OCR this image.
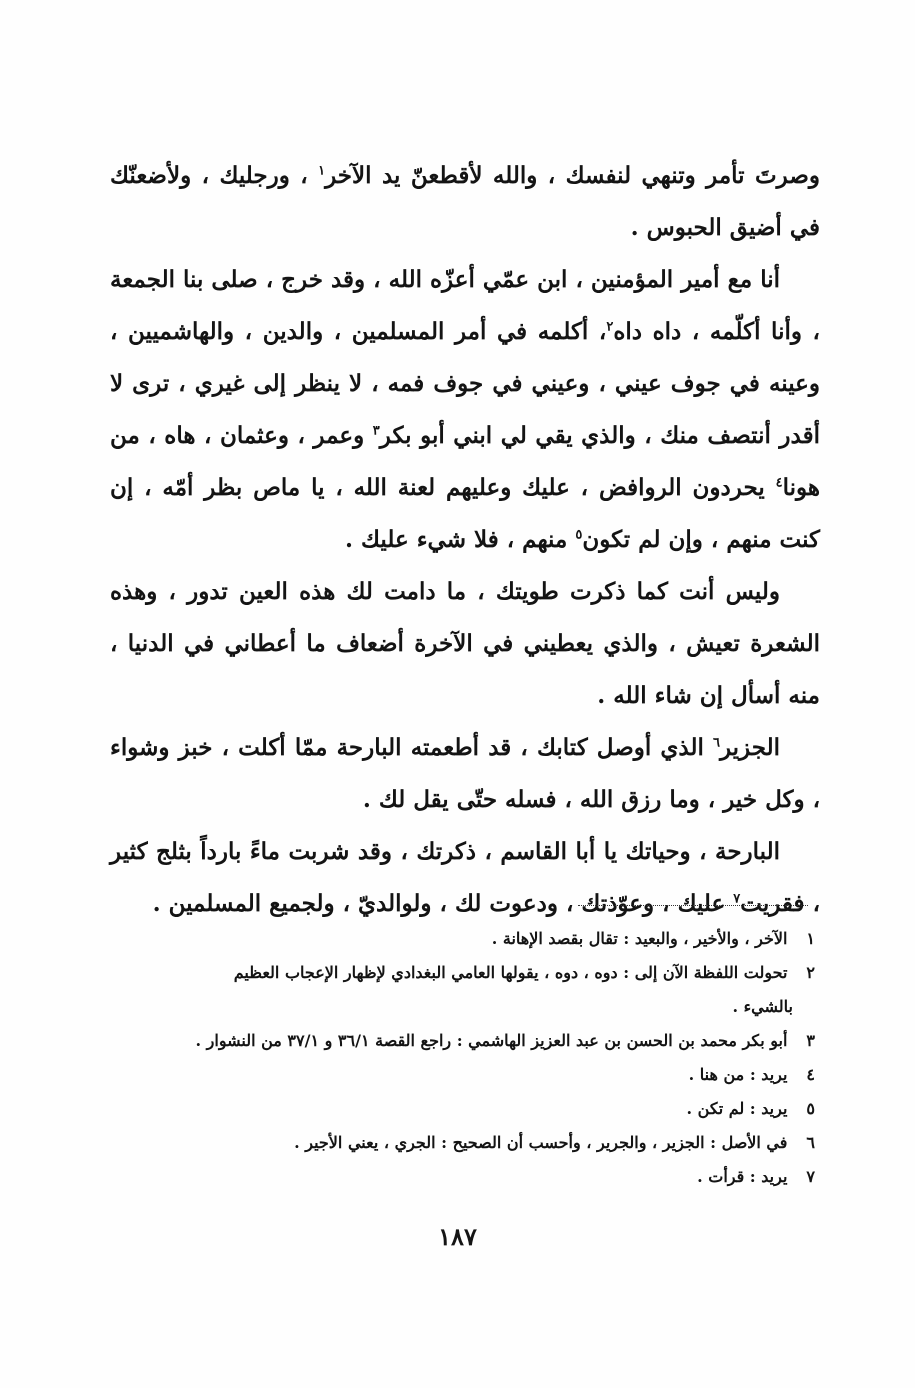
وصرتَ تأمر وتنهي لنفسك ، والله لأقطعنّ يد الآخر$^١$ ، ورجليك ، ولأضعنّك في أضيق الحبوس .

أنا مع أمير المؤمنين ، ابن عمّي أعزّه الله ، وقد خرج ، صلى بنا الجمعة ، وأنا أكلّمه ، داه داه$^٢$، أكلمه في أمر المسلمين ، والدين ، والهاشميين ، وعينه في جوف عيني ، وعيني في جوف فمه ، لا ينظر إلى غيري ، ترى لا أقدر أنتصف منك ، والذي يقي لي ابني أبو بكر$^٣$ وعمر ، وعثمان ، هاه ، من هونا$^٤$ يحردون الروافض ، عليك وعليهم لعنة الله ، يا ماص بظر أمّه ، إن كنت منهم ، وإن لم تكون$^٥$ منهم ، فلا شيء عليك .

وليس أنت كما ذكرت طويتك ، ما دامت لك هذه العين تدور ، وهذه الشعرة تعيش ، والذي يعطيني في الآخرة أضعاف ما أعطاني في الدنيا ، منه أسأل إن شاء الله .

الجزير$^٦$ الذي أوصل كتابك ، قد أطعمته البارحة ممّا أكلت ، خبز وشواء ، وكل خير ، وما رزق الله ، فسله حتّى يقل لك .

البارحة ، وحياتك يا أبا القاسم ، ذكرتك ، وقد شربت ماءً بارداً بثلج كثير ، فقريت$^٧$ عليك ، وعوّذتك ، ودعوت لك ، ولوالديّ ، ولجميع المسلمين .

١ الآخر ، والأخير ، والبعيد : تقال بقصد الإهانة .

٢ تحولت اللفظة الآن إلى : دوه ، دوه ، يقولها العامي البغدادي لإظهار الإعجاب العظيم

بالشيء .

٣ أبو بكر محمد بن الحسن بن عبد العزيز الهاشمي : راجع القصة ٣٦/١ و ٣٧/١ من النشوار .

٤ يريد : من هنا .

٥ يريد : لم تكن .

٦ في الأصل : الجزير ، والجرير ، وأحسب أن الصحيح : الجري ، يعني الأجير .

٧ يريد : قرأت .

١٨٧
